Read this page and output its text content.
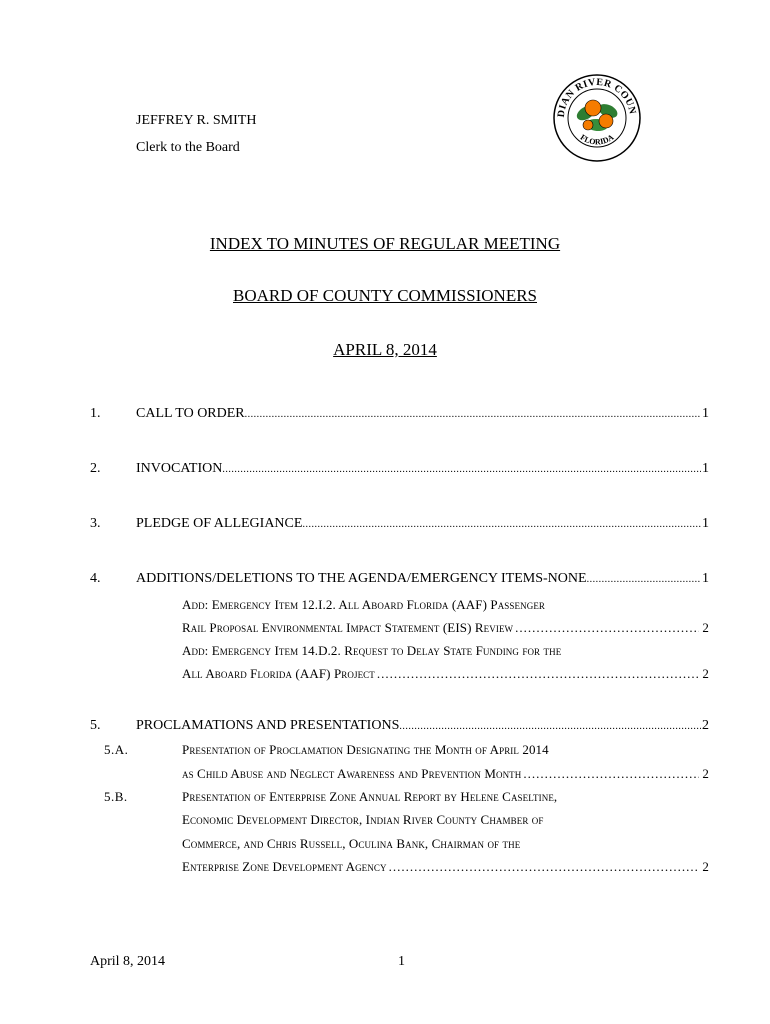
JEFFREY R. SMITH
Clerk to the Board
DIAN RIVER COUN
FLORIDA
INDEX TO MINUTES OF REGULAR MEETING
BOARD OF COUNTY COMMISSIONERS
APRIL 8, 2014
1.	CALL TO ORDER .....	1
2.	INVOCATION .....	1
3.	PLEDGE OF ALLEGIANCE .....	1
4.	ADDITIONS/DELETIONS TO THE AGENDA/EMERGENCY ITEMS-NONE .....	1
Add: Emergency Item 12.I.2. All Aboard Florida (AAF) Passenger
Rail Proposal Environmental Impact Statement (EIS) Review .....	2
Add: Emergency Item 14.D.2. Request to Delay State Funding for the
All Aboard Florida (AAF) Project .....	2
5.	PROCLAMATIONS AND PRESENTATIONS .....	2
5.A.	Presentation of Proclamation Designating the Month of April 2014
as Child Abuse and Neglect Awareness and Prevention Month .....	2
5.B.	Presentation of Enterprise Zone Annual Report by Helene Caseltine,
Economic Development Director, Indian River County Chamber of
Commerce, and Chris Russell, Oculina Bank, Chairman of the
Enterprise Zone Development Agency .....	2
April 8, 2014	1
